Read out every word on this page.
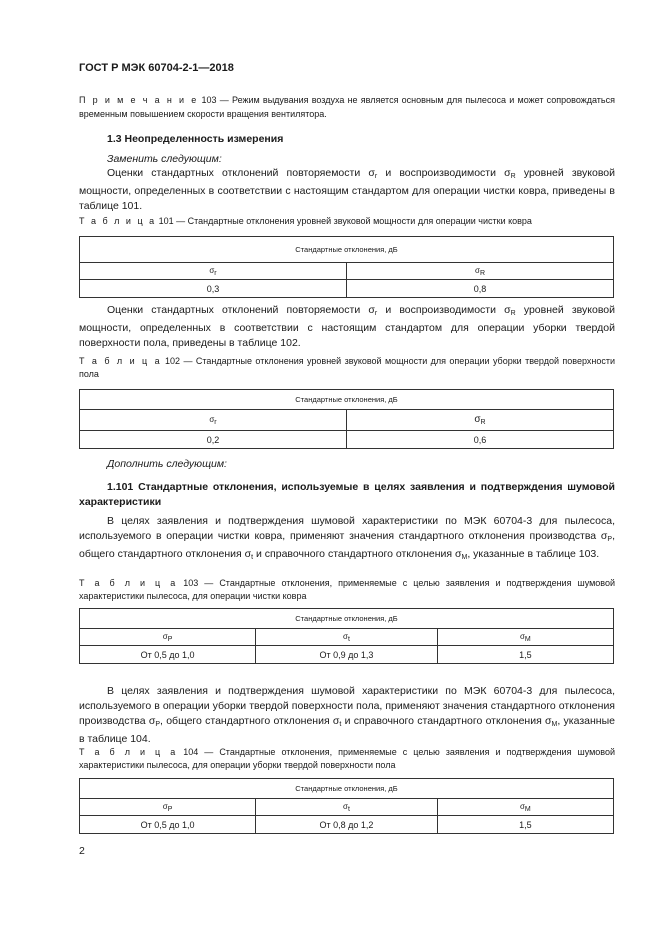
ГОСТ Р МЭК 60704-2-1—2018
П р и м е ч а н и е 103 — Режим выдувания воздуха не является основным для пылесоса и может сопровождаться временным повышением скорости вращения вентилятора.
1.3 Неопределенность измерения
Заменить следующим:

Оценки стандартных отклонений повторяемости $\sigma_r$ и воспроизводимости $\sigma_R$ уровней звуковой мощности, определенных в соответствии с настоящим стандартом для операции чистки ковра, приведены в таблице 101.

Т а б л и ц а 101 — Стандартные отклонения уровней звуковой мощности для операции чистки ковра
Стандартные отклонения, дБ	
σr	σR
0,3	0,8

Оценки стандартных отклонений повторяемости $\sigma_r$ и воспроизводимости $\sigma_R$ уровней звуковой мощности, определенных в соответствии с настоящим стандартом для операции уборки твердой поверхности пола, приведены в таблице 102.

Т а б л и ц а 102 — Стандартные отклонения уровней звуковой мощности для операции уборки твердой поверхности пола
Стандартные отклонения, дБ	
σr	$\sigma_R$
0,2	0,6
Дополнить следующим:

1.101 Стандартные отклонения, используемые в целях заявления и подтверждения шумовой характеристики

В целях заявления и подтверждения шумовой характеристики по МЭК 60704-3 для пылесоса, используемого в операции чистки ковра, применяют значения стандартного отклонения производства $\sigma_P$, общего стандартного отклонения $\sigma_t$ и справочного стандартного отклонения $\sigma_M$, указанные в таблице 103.

Т а б л и ц а 103 — Стандартные отклонения, применяемые с целью заявления и подтверждения шумовой характеристики пылесоса, для операции чистки ковра
Стандартные отклонения, дБ		
σP	σt	σM
От 0,5 до 1,0	От 0,9 до 1,3	1,5

В целях заявления и подтверждения шумовой характеристики по МЭК 60704-3 для пылесоса, используемого в операции уборки твердой поверхности пола, применяют значения стандартного отклонения производства $\sigma_P$, общего стандартного отклонения $\sigma_t$ и справочного стандартного отклонения $\sigma_M$, указанные в таблице 104.

Т а б л и ц а 104 — Стандартные отклонения, применяемые с целью заявления и подтверждения шумовой характеристики пылесоса, для операции уборки твердой поверхности пола
Стандартные отклонения, дБ		
σP	σt	σM
От 0,5 до 1,0	От 0,8 до 1,2	1,5
2
